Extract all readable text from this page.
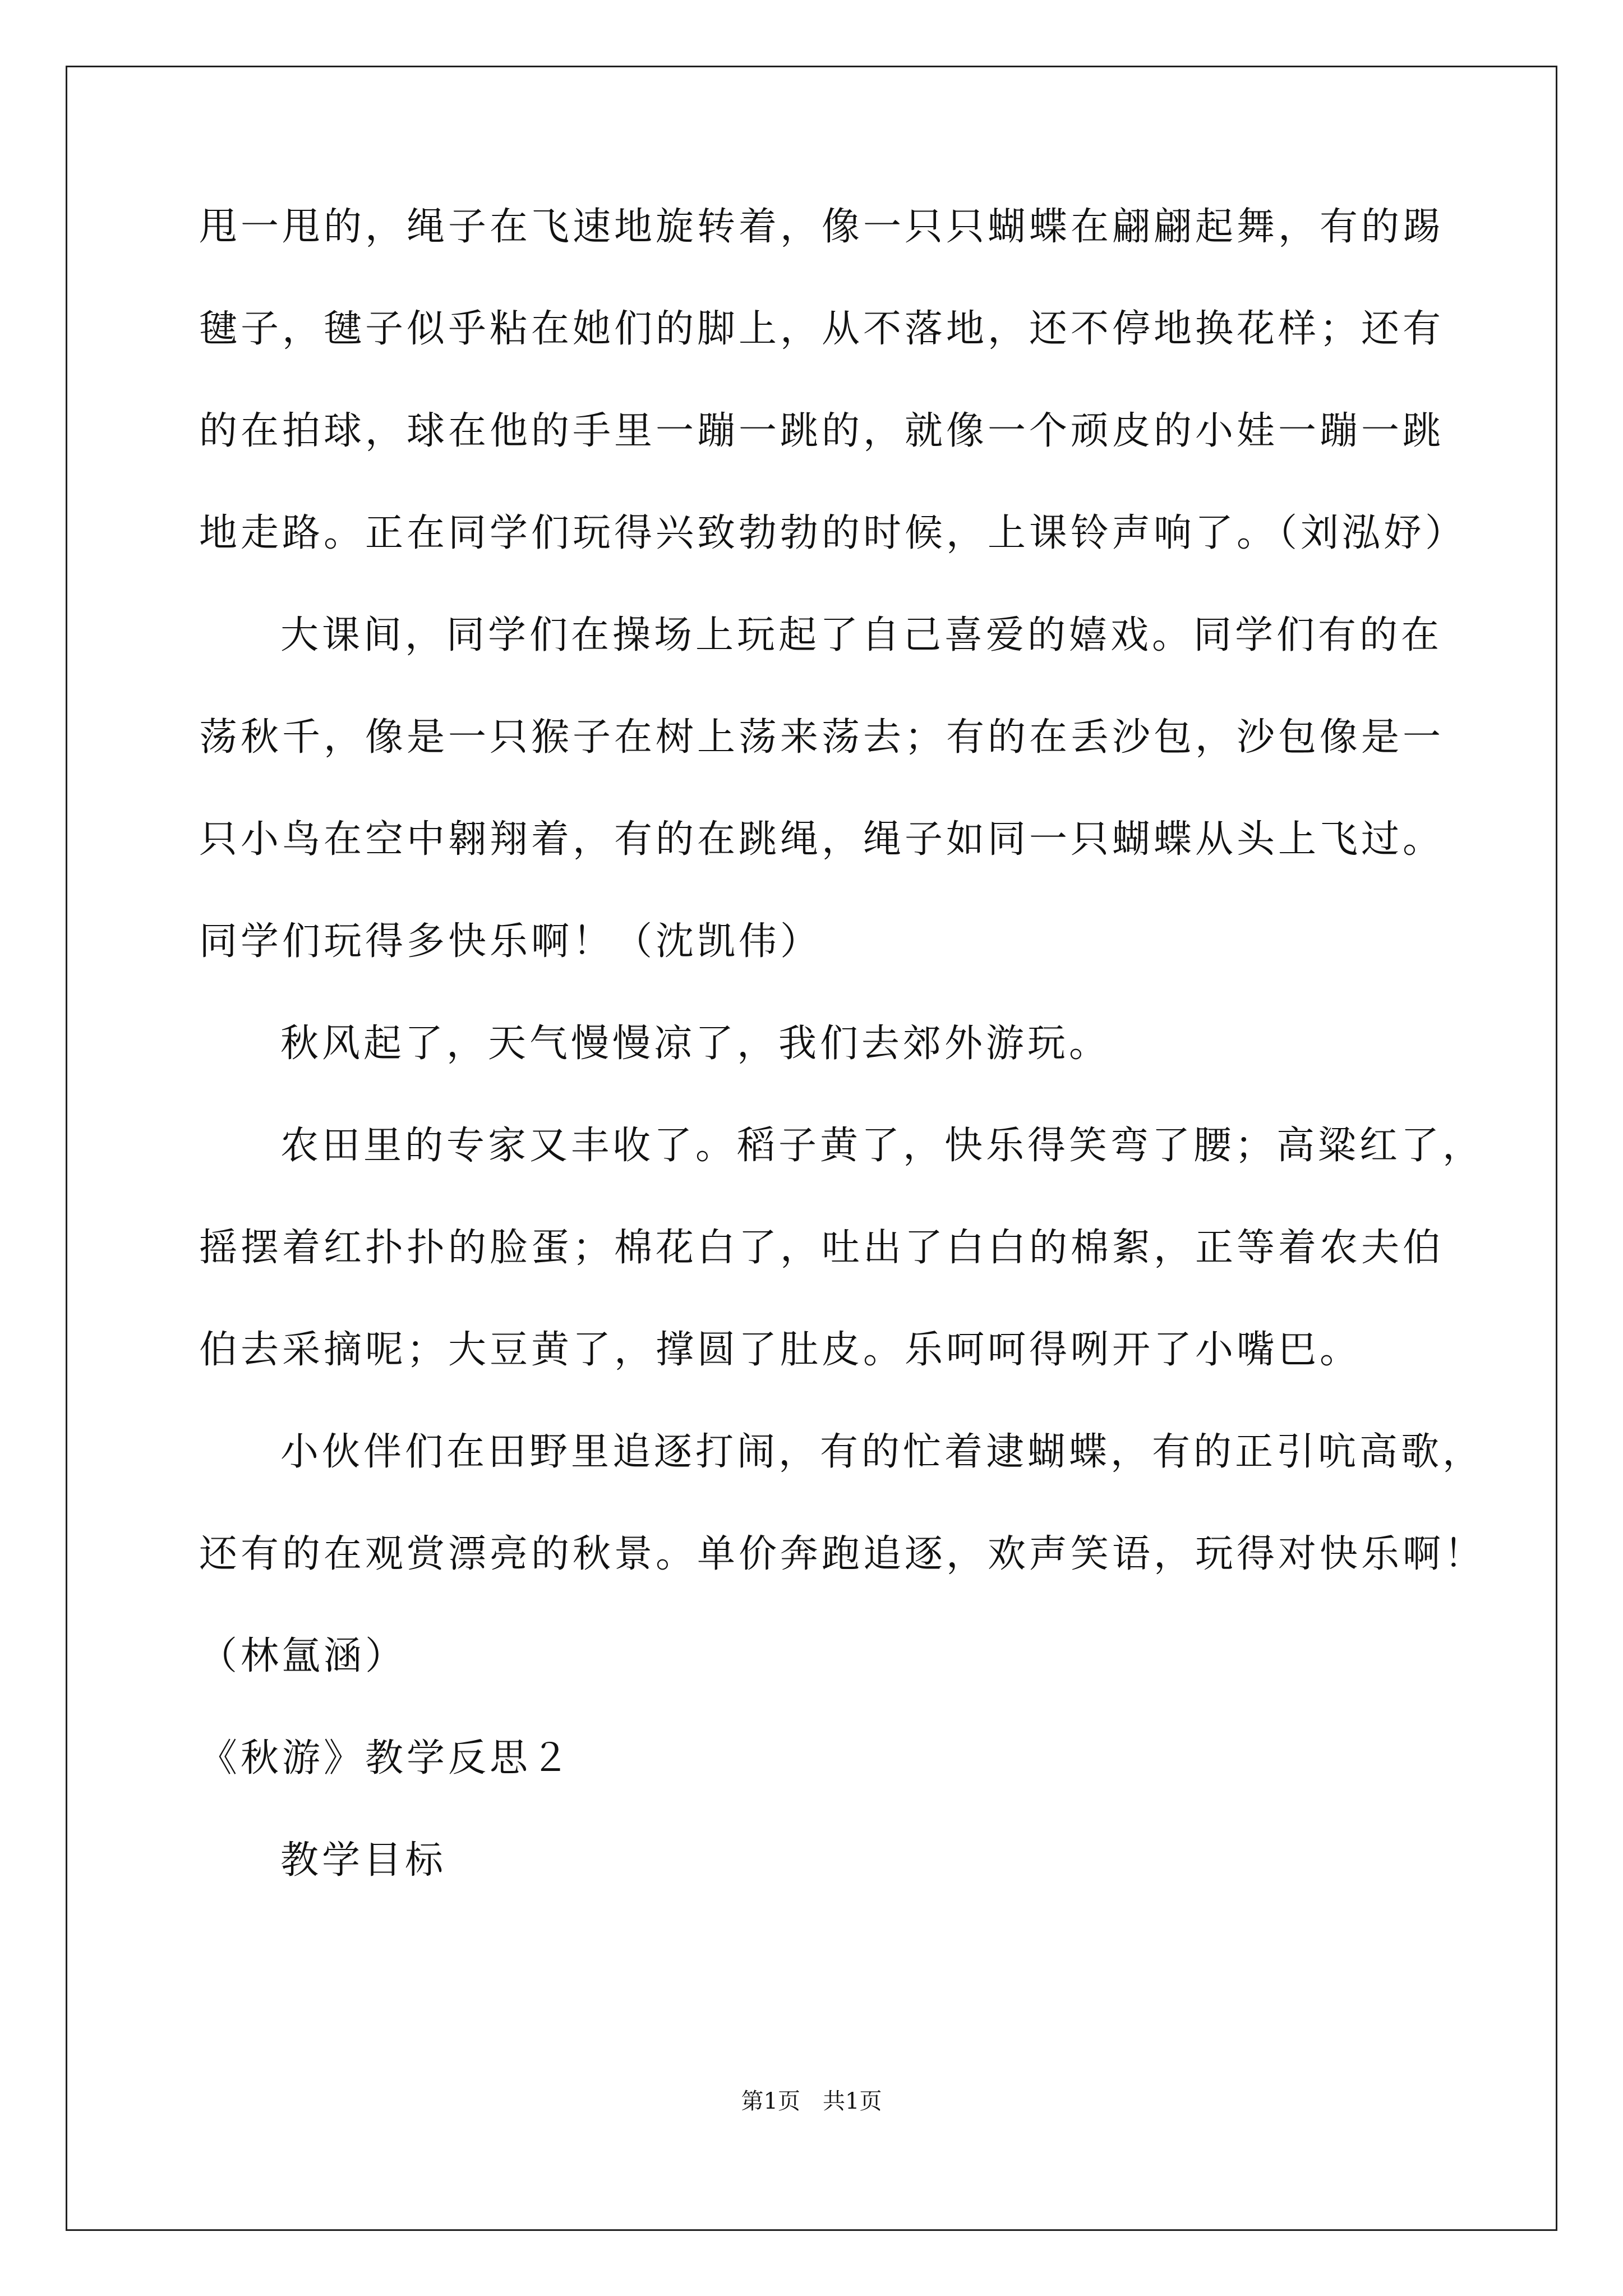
甩一甩的，绳子在飞速地旋转着，像一只只蝴蝶在翩翩起舞，有的踢
毽子，毽子似乎粘在她们的脚上，从不落地，还不停地换花样；还有
的在拍球，球在他的手里一蹦一跳的，就像一个顽皮的小娃一蹦一跳
地走路。正在同学们玩得兴致勃勃的时候，上课铃声响了。（刘泓妤）
大课间，同学们在操场上玩起了自己喜爱的嬉戏。同学们有的在
荡秋千，像是一只猴子在树上荡来荡去；有的在丢沙包，沙包像是一
只小鸟在空中翱翔着，有的在跳绳，绳子如同一只蝴蝶从头上飞过。
同学们玩得多快乐啊！（沈凯伟）
秋风起了，天气慢慢凉了，我们去郊外游玩。
农田里的专家又丰收了。稻子黄了，快乐得笑弯了腰；高粱红了，
摇摆着红扑扑的脸蛋；棉花白了，吐出了白白的棉絮，正等着农夫伯
伯去采摘呢；大豆黄了，撑圆了肚皮。乐呵呵得咧开了小嘴巴。
小伙伴们在田野里追逐打闹，有的忙着逮蝴蝶，有的正引吭高歌，
还有的在观赏漂亮的秋景。单价奔跑追逐，欢声笑语，玩得对快乐啊！
（林氲涵）
《秋游》教学反思２
教学目标
第1页　共1页
